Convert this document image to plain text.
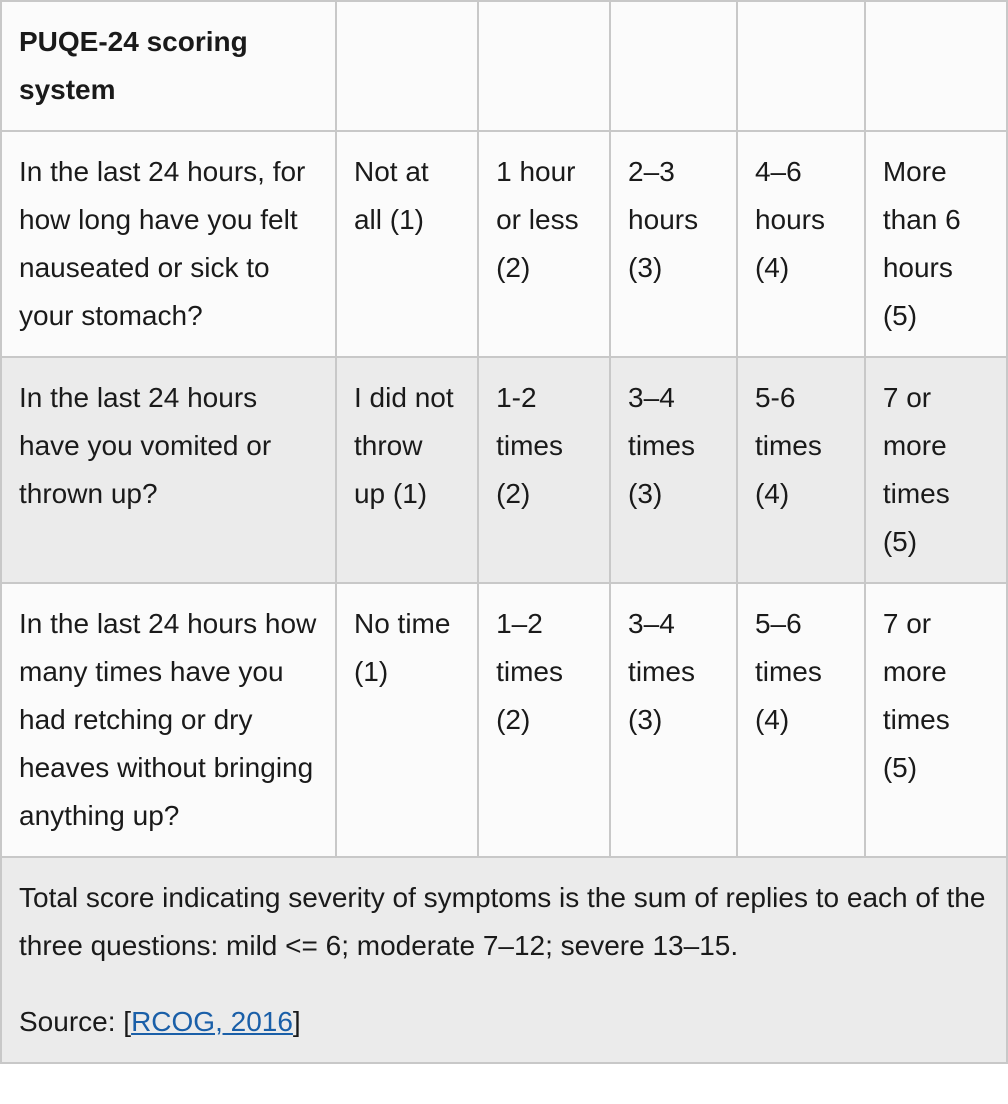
PUQE-24 scoring system					
In the last 24 hours, for how long have you felt nauseated or sick to your stomach?	Not at all (1)	1 hour or less (2)	2–3 hours (3)	4–6 hours (4)	More than 6 hours (5)
In the last 24 hours have you vomited or thrown up?	I did not throw up (1)	1-2 times (2)	3–4 times (3)	5-6 times (4)	7 or more times (5)
In the last 24 hours how many times have you had retching or dry heaves without bringing anything up?	No time (1)	1–2 times (2)	3–4 times (3)	5–6 times (4)	7 or more times (5)

Total score indicating severity of symptoms is the sum of replies to each of the three questions: mild <= 6; moderate 7–12; severe 13–15.

Source: [RCOG, 2016]					
